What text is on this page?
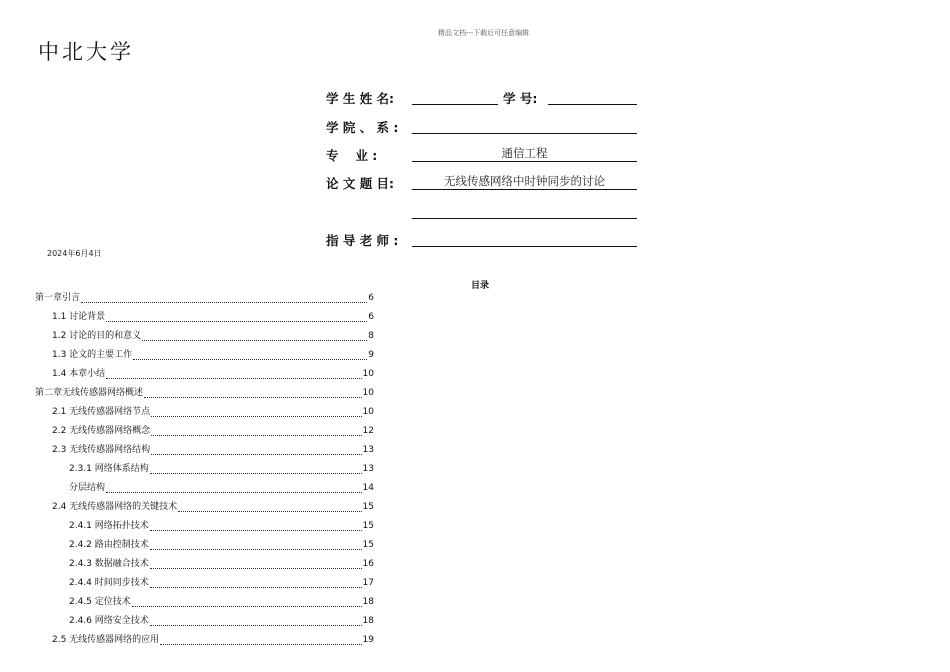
精品文档---下载后可任意编辑
中北大学
学 生 姓 名:	学 号:
学 院 、 系 :
专　 业 :	通信工程
论 文 题 目:	无线传感网络中时钟同步的讨论
指 导 老 师 :
2024年6月4日
目录
第一章引言	6
1.1 讨论背景	6
1.2 讨论的目的和意义	8
1.3 论文的主要工作	9
1.4 本章小结	10
第二章无线传感器网络概述	10
2.1 无线传感器网络节点	10
2.2 无线传感器网络概念	12
2.3 无线传感器网络结构	13
2.3.1 网络体系结构	13
分层结构	14
2.4 无线传感器网络的关键技术	15
2.4.1 网络拓扑技术	15
2.4.2 路由控制技术	15
2.4.3 数据融合技术	16
2.4.4 时间同步技术	17
2.4.5 定位技术	18
2.4.6 网络安全技术	18
2.5 无线传感器网络的应用	19
